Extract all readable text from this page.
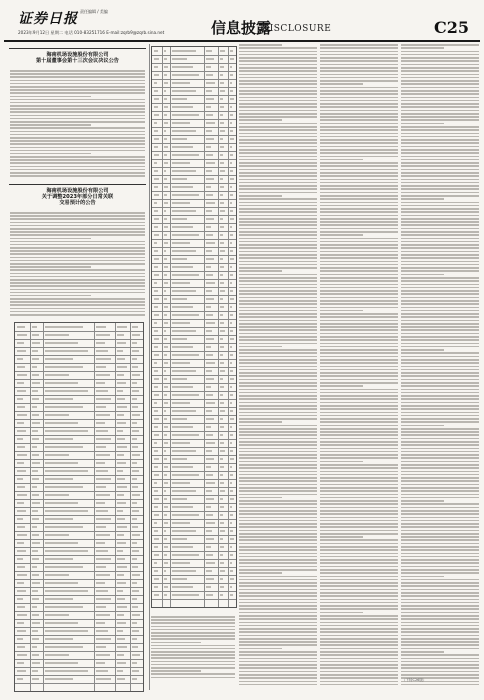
证券日报 责任编辑 / 美编
2023年9月12日 星期二 电话 010-83251716 E-mail:zqrb9@zqrb.sina.net	信息披露
DISCLOSURE	C25
海南机场设施股份有限公司
第十届董事会第十三次会议决议公告
海南机场设施股份有限公司
关于调整2023年部分日常关联
交易预计的公告
（下转C26版）
